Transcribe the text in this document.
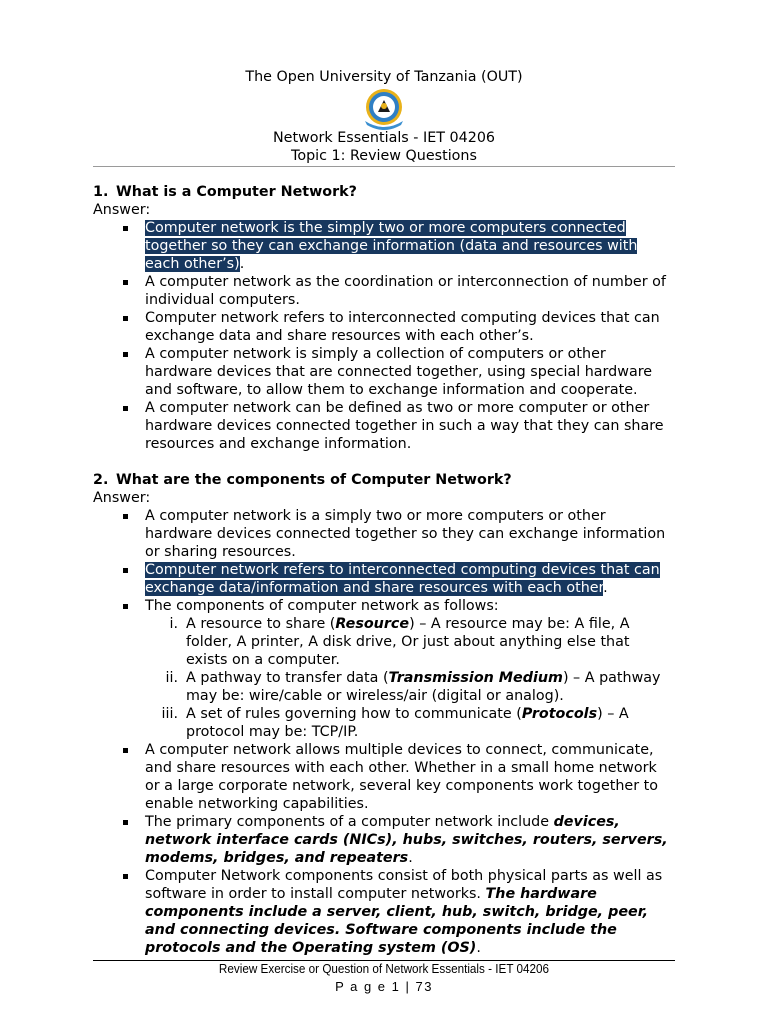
The Open University of Tanzania (OUT)
Network Essentials - IET 04206
Topic 1: Review Questions
1. What is a Computer Network?
Answer:
Computer network is the simply two or more computers connected together so they can exchange information (data and resources with each other’s).
A computer network as the coordination or interconnection of number of individual computers.
Computer network refers to interconnected computing devices that can exchange data and share resources with each other’s.
A computer network is simply a collection of computers or other hardware devices that are connected together, using special hardware and software, to allow them to exchange information and cooperate.
A computer network can be defined as two or more computer or other hardware devices connected together in such a way that they can share resources and exchange information.
2. What are the components of Computer Network?
Answer:
A computer network is a simply two or more computers or other hardware devices connected together so they can exchange information or sharing resources.
Computer network refers to interconnected computing devices that can exchange data/information and share resources with each other.
The components of computer network as follows:
i. A resource to share (Resource) – A resource may be: A file, A folder, A printer, A disk drive, Or just about anything else that exists on a computer.
ii. A pathway to transfer data (Transmission Medium) – A pathway may be: wire/cable or wireless/air (digital or analog).
iii. A set of rules governing how to communicate (Protocols) – A protocol may be: TCP/IP.
A computer network allows multiple devices to connect, communicate, and share resources with each other. Whether in a small home network or a large corporate network, several key components work together to enable networking capabilities.
The primary components of a computer network include devices, network interface cards (NICs), hubs, switches, routers, servers, modems, bridges, and repeaters.
Computer Network components consist of both physical parts as well as software in order to install computer networks. The hardware components include a server, client, hub, switch, bridge, peer, and connecting devices. Software components include the protocols and the Operating system (OS).
Review Exercise or Question of Network Essentials - IET 04206
P a g e 1 | 73
